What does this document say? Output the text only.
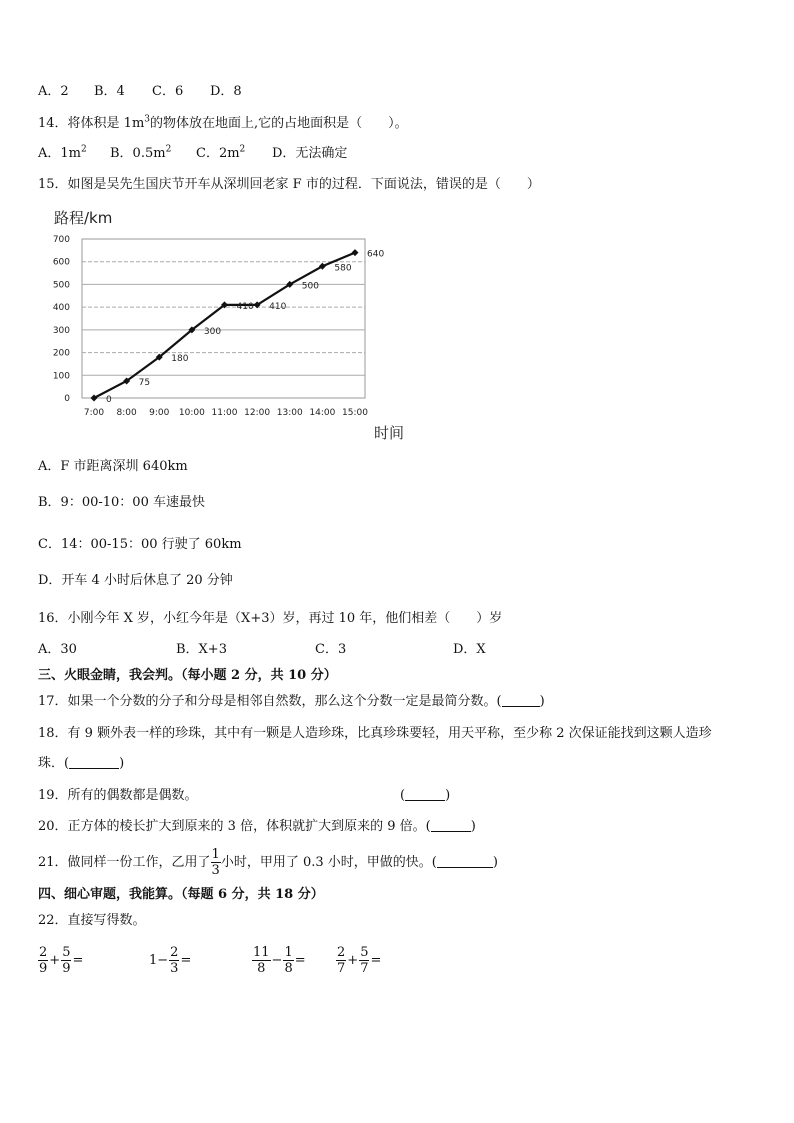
A．2 B．4 C．6 D．8
14．将体积是 $1m^3$的物体放在地面上,它的占地面积是（　　）。
A．$1m^2$ B．$0.5m^2$ C．$2m^2$ D．无法确定
15．如图是吴先生国庆节开车从深圳回老家 F 市的过程．下面说法，错误的是（　　）
路程/km
0
100
200
300
400
500
600
700
7:00 8:00 9:00 10:00 11:00 12:00 13:00 14:00 15:00
时间
0
75
180
300
410 410
500
580
640
A．F 市距离深圳 640km
B．9：00-10：00 车速最快
C．14：00-15：00 行驶了 60km
D．开车 4 小时后休息了 20 分钟
16．小刚今年 X 岁，小红今年是（X+3）岁，再过 10 年，他们相差（　　）岁
A．30	B．X+3	C．3	D．X
三、火眼金睛，我会判。（每小题 2 分，共 10 分）
17．如果一个分数的分子和分母是相邻自然数，那么这个分数一定是最简分数。(	)
18．有 9 颗外表一样的珍珠，其中有一颗是人造珍珠，比真珍珠要轻，用天平称，至少称 2 次保证能找到这颗人造珍
珠．(	)
19．所有的偶数都是偶数。	(	)
20．正方体的棱长扩大到原来的 3 倍，体积就扩大到原来的 9 倍。(	)
21．做同样一份工作，乙用了 $\frac{1}{3}$ 小时，甲用了 0.3 小时，甲做的快。(	)
四、细心审题，我能算。（每题 6 分，共 18 分）
22．直接写得数。
$\frac{2}{9} + \frac{5}{9}$ =	$1- \frac{2}{3}$ =	$\frac{11}{8} - \frac{1}{8} = \frac{2}{7} + \frac{5}{7}$ =
